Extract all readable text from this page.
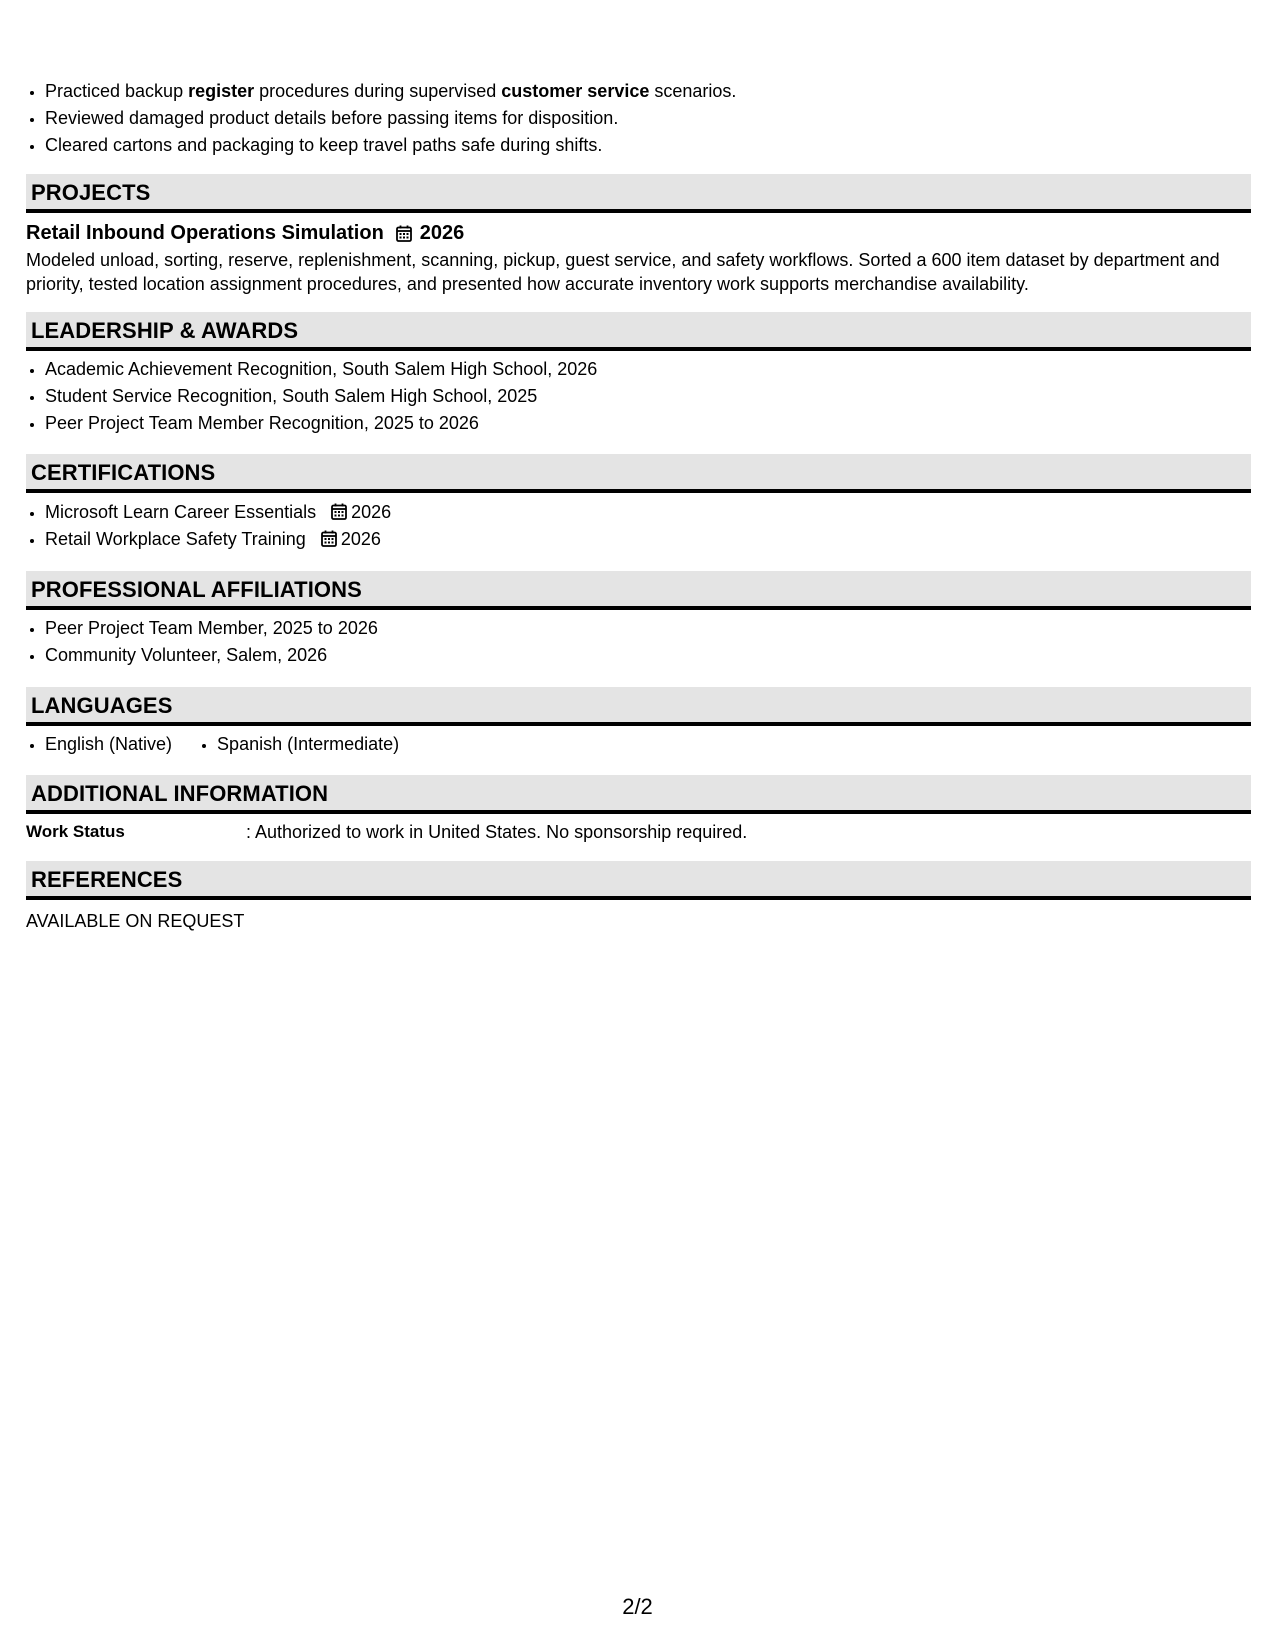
• Practiced backup register procedures during supervised customer service scenarios.
• Reviewed damaged product details before passing items for disposition.
• Cleared cartons and packaging to keep travel paths safe during shifts.
PROJECTS
Retail Inbound Operations Simulation 2026
Modeled unload, sorting, reserve, replenishment, scanning, pickup, guest service, and safety workflows. Sorted a 600 item dataset by department and priority, tested location assignment procedures, and presented how accurate inventory work supports merchandise availability.
LEADERSHIP & AWARDS
• Academic Achievement Recognition, South Salem High School, 2026
• Student Service Recognition, South Salem High School, 2025
• Peer Project Team Member Recognition, 2025 to 2026
CERTIFICATIONS
• Microsoft Learn Career Essentials 2026
• Retail Workplace Safety Training 2026
PROFESSIONAL AFFILIATIONS
• Peer Project Team Member, 2025 to 2026
• Community Volunteer, Salem, 2026
LANGUAGES
• English (Native)
•	Spanish (Intermediate)
ADDITIONAL INFORMATION
Work Status	: Authorized to work in United States. No sponsorship required.
REFERENCES
AVAILABLE ON REQUEST
2/2
